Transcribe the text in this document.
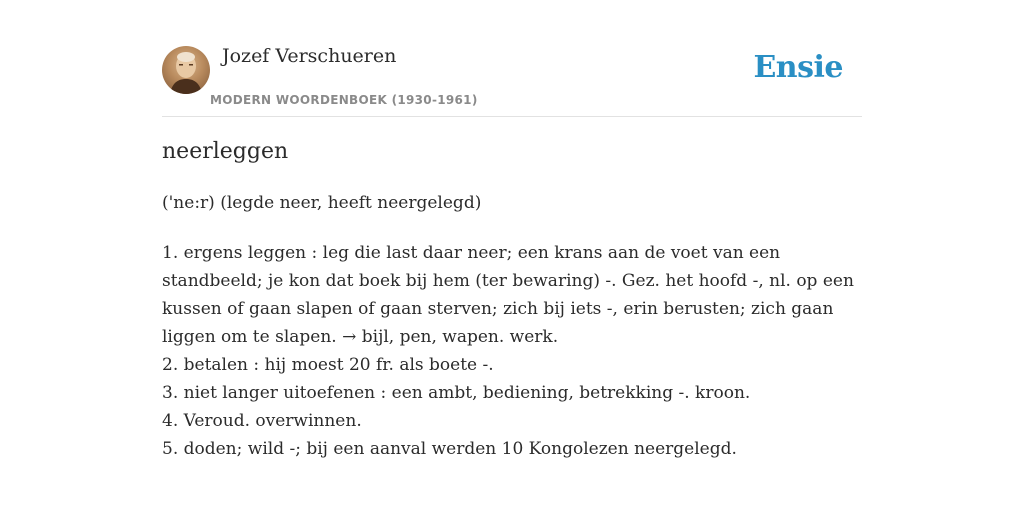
Jozef Verschueren
MODERN WOORDENBOEK (1930-1961)
Ensie
neerleggen
('ne:r) (legde neer, heeft neergelegd)
1. ergens leggen : leg die last daar neer; een krans aan de voet van een
standbeeld; je kon dat boek bij hem (ter bewaring) -. Gez. het hoofd -, nl. op een
kussen of gaan slapen of gaan sterven; zich bij iets -, erin berusten; zich gaan
liggen om te slapen. → bijl, pen, wapen. werk.
2. betalen : hij moest 20 fr. als boete -.
3. niet langer uitoefenen : een ambt, bediening, betrekking -. kroon.
4. Veroud. overwinnen.
5. doden; wild -; bij een aanval werden 10 Kongolezen neergelegd.
